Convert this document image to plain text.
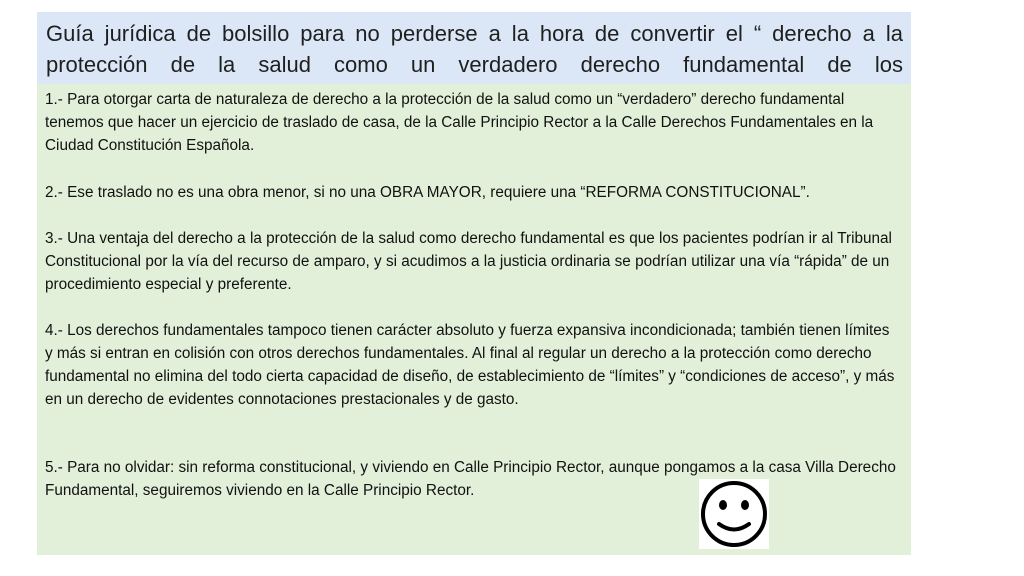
Guía jurídica de bolsillo para no perderse a la hora de convertir el “ derecho a la protección de la salud como un verdadero derecho fundamental de los

1.- Para otorgar carta de naturaleza de derecho a la protección de la salud como un “verdadero” derecho fundamental tenemos que hacer un ejercicio de traslado de casa, de la Calle Principio Rector a la Calle Derechos Fundamentales en la Ciudad Constitución Española.

2.- Ese traslado no es una obra menor, si no una OBRA MAYOR, requiere una “REFORMA CONSTITUCIONAL”.

3.- Una ventaja del derecho a la protección de la salud como derecho fundamental es que los pacientes podrían ir al Tribunal Constitucional por la vía del recurso de amparo, y si acudimos a la justicia ordinaria se podrían utilizar una vía “rápida” de un procedimiento especial y preferente.

4.- Los derechos fundamentales tampoco tienen carácter absoluto y fuerza expansiva incondicionada; también tienen límites y más si entran en colisión con otros derechos fundamentales. Al final al regular un derecho a la protección como derecho fundamental no elimina del todo cierta capacidad de diseño, de establecimiento de “límites” y “condiciones de acceso”, y más en un derecho de evidentes connotaciones prestacionales y de gasto.

5.- Para no olvidar: sin reforma constitucional, y viviendo en Calle Principio Rector, aunque pongamos a la casa Villa Derecho Fundamental, seguiremos viviendo en la Calle Principio Rector.
